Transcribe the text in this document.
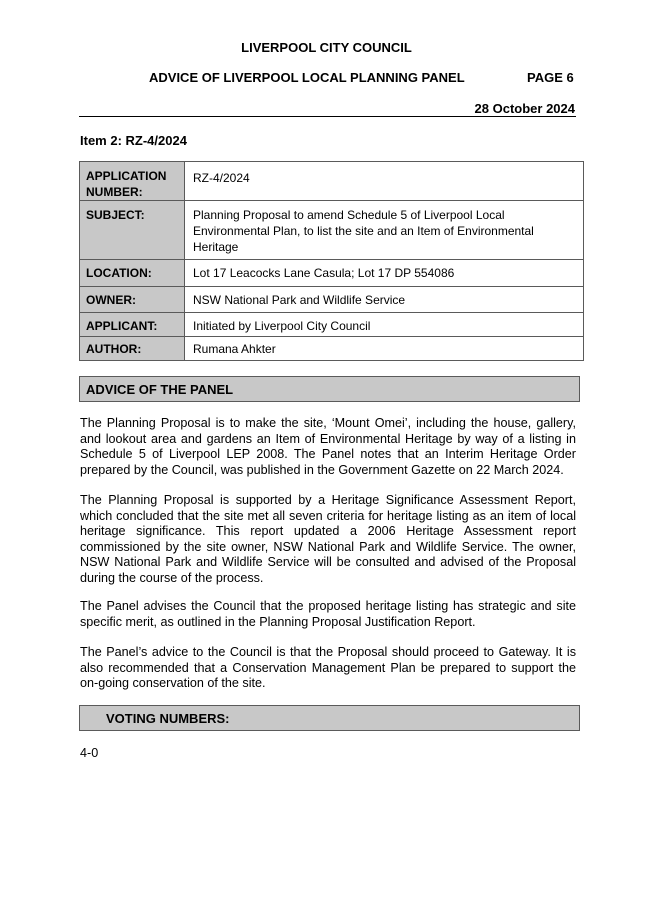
LIVERPOOL CITY COUNCIL
ADVICE OF LIVERPOOL LOCAL PLANNING PANEL	PAGE 6
28 October 2024
Item 2: RZ-4/2024
APPLICATION NUMBER:	RZ-4/2024
SUBJECT:	Planning Proposal to amend Schedule 5 of Liverpool Local Environmental Plan, to list the site and an Item of Environmental Heritage
LOCATION:	Lot 17 Leacocks Lane Casula; Lot 17 DP 554086
OWNER:	NSW National Park and Wildlife Service
APPLICANT:	Initiated by Liverpool City Council
AUTHOR:	Rumana Ahkter
ADVICE OF THE PANEL

The Planning Proposal is to make the site, ‘Mount Omei’, including the house, gallery, and lookout area and gardens an Item of Environmental Heritage by way of a listing in Schedule 5 of Liverpool LEP 2008. The Panel notes that an Interim Heritage Order prepared by the Council, was published in the Government Gazette on 22 March 2024.

The Planning Proposal is supported by a Heritage Significance Assessment Report, which concluded that the site met all seven criteria for heritage listing as an item of local heritage significance. This report updated a 2006 Heritage Assessment report commissioned by the site owner, NSW National Park and Wildlife Service. The owner, NSW National Park and Wildlife Service will be consulted and advised of the Proposal during the course of the process.

The Panel advises the Council that the proposed heritage listing has strategic and site specific merit, as outlined in the Planning Proposal Justification Report.

The Panel’s advice to the Council is that the Proposal should proceed to Gateway. It is also recommended that a Conservation Management Plan be prepared to support the on-going conservation of the site.

VOTING NUMBERS:
4-0
